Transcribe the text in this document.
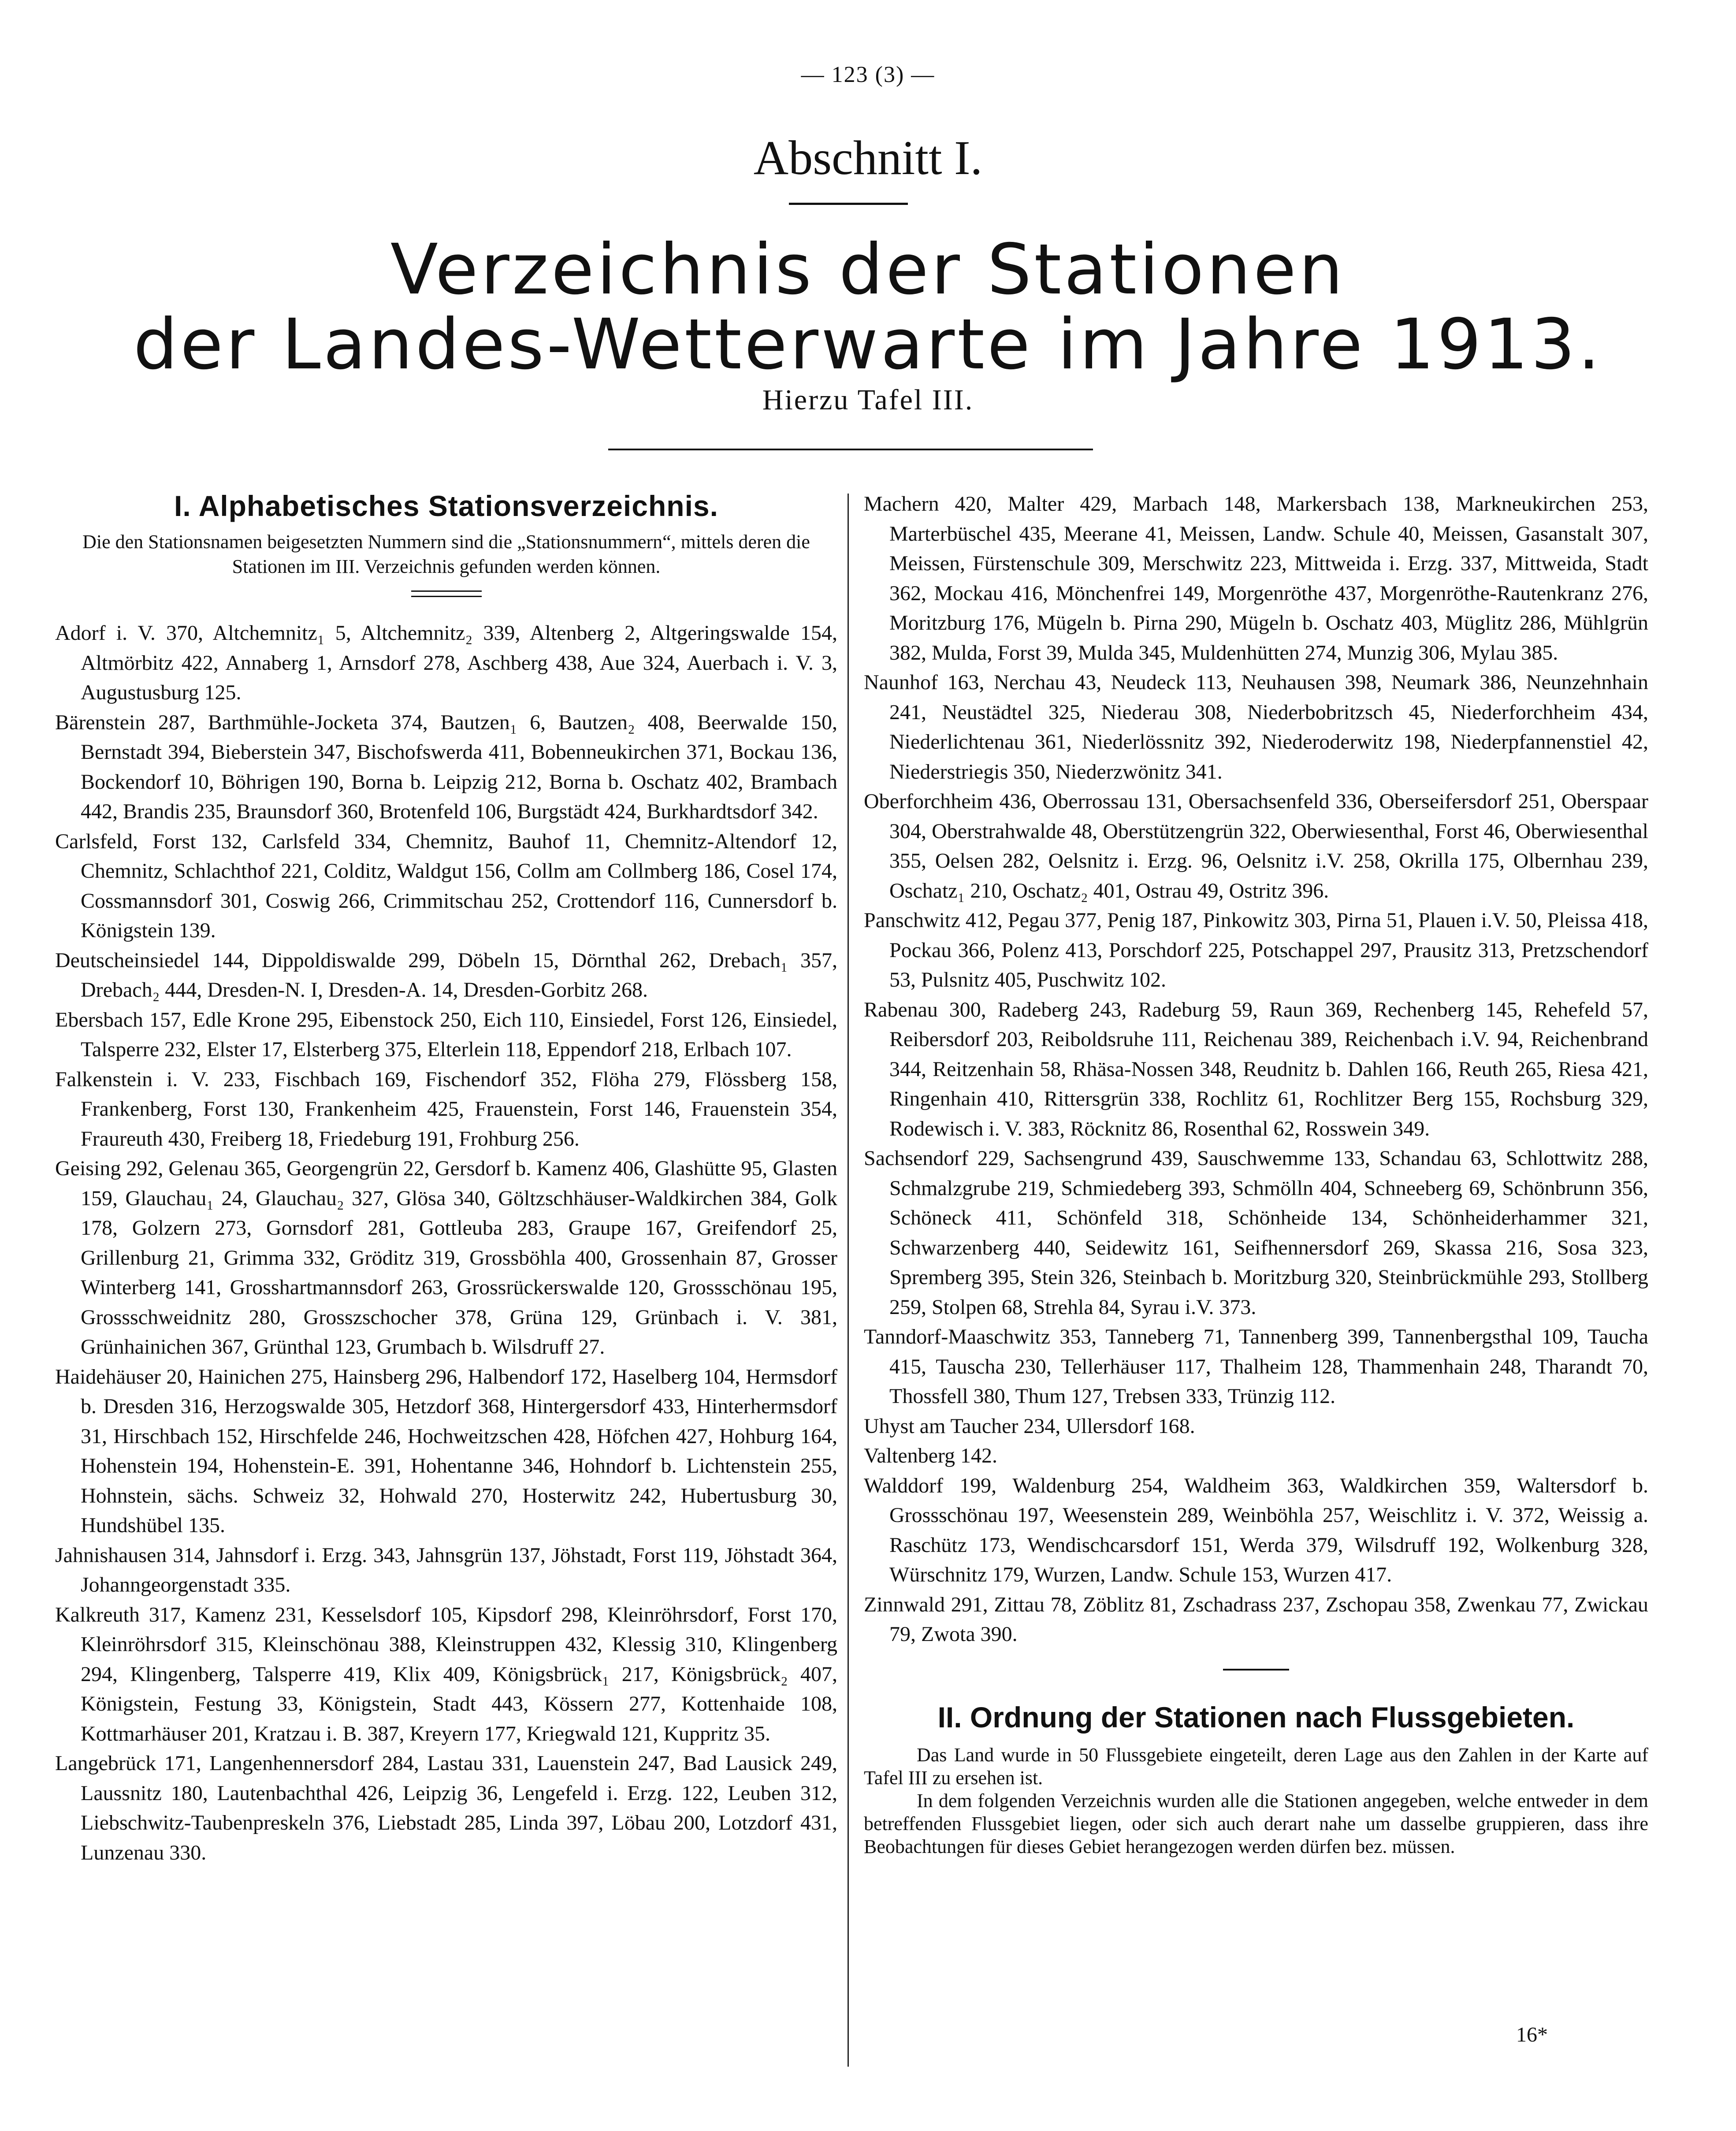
— 123 (3) —
Abschnitt I.
Verzeichnis der Stationen
der Landes-Wetterwarte im Jahre 1913.
Hierzu Tafel III.
I. Alphabetisches Stationsverzeichnis.
Die den Stationsnamen beigesetzten Nummern sind die „Stationsnummern“, mittels deren die Stationen im III. Verzeichnis gefunden werden können.

Adorf i. V. 370, Altchemnitz₁ 5, Altchemnitz₂ 339, Altenberg 2, Altgeringswalde 154, Altmörbitz 422, Annaberg 1, Arnsdorf 278, Aschberg 438, Aue 324, Auerbach i. V. 3, Augustusburg 125.

Bärenstein 287, Barthmühle-Jocketa 374, Bautzen₁ 6, Bautzen₂ 408, Beerwalde 150, Bernstadt 394, Bieberstein 347, Bischofswerda 411, Bobenneukirchen 371, Bockau 136, Bockendorf 10, Böhrigen 190, Borna b. Leipzig 212, Borna b. Oschatz 402, Brambach 442, Brandis 235, Braunsdorf 360, Brotenfeld 106, Burgstädt 424, Burkhardtsdorf 342.

Carlsfeld, Forst 132, Carlsfeld 334, Chemnitz, Bauhof 11, Chemnitz-Altendorf 12, Chemnitz, Schlachthof 221, Colditz, Waldgut 156, Collm am Collmberg 186, Cosel 174, Cossmannsdorf 301, Coswig 266, Crimmitschau 252, Crottendorf 116, Cunnersdorf b. Königstein 139.

Deutscheinsiedel 144, Dippoldiswalde 299, Döbeln 15, Dörnthal 262, Drebach₁ 357, Drebach₂ 444, Dresden-N. I, Dresden-A. 14, Dresden-Gorbitz 268.

Ebersbach 157, Edle Krone 295, Eibenstock 250, Eich 110, Einsiedel, Forst 126, Einsiedel, Talsperre 232, Elster 17, Elsterberg 375, Elterlein 118, Eppendorf 218, Erlbach 107.

Falkenstein i. V. 233, Fischbach 169, Fischendorf 352, Flöha 279, Flössberg 158, Frankenberg, Forst 130, Frankenheim 425, Frauenstein, Forst 146, Frauenstein 354, Fraureuth 430, Freiberg 18, Friedeburg 191, Frohburg 256.

Geising 292, Gelenau 365, Georgengrün 22, Gersdorf b. Kamenz 406, Glashütte 95, Glasten 159, Glauchau₁ 24, Glauchau₂ 327, Glösa 340, Göltzschhäuser-Waldkirchen 384, Golk 178, Golzern 273, Gornsdorf 281, Gottleuba 283, Graupe 167, Greifendorf 25, Grillenburg 21, Grimma 332, Gröditz 319, Grossböhla 400, Grossenhain 87, Grosser Winterberg 141, Grosshartmannsdorf 263, Grossrückerswalde 120, Grossschönau 195, Grossschweidnitz 280, Grosszschocher 378, Grüna 129, Grünbach i. V. 381, Grünhainichen 367, Grünthal 123, Grumbach b. Wilsdruff 27.

Haidehäuser 20, Hainichen 275, Hainsberg 296, Halbendorf 172, Haselberg 104, Hermsdorf b. Dresden 316, Herzogswalde 305, Hetzdorf 368, Hintergersdorf 433, Hinterhermsdorf 31, Hirschbach 152, Hirschfelde 246, Hochweitzschen 428, Höfchen 427, Hohburg 164, Hohenstein 194, Hohenstein-E. 391, Hohentanne 346, Hohndorf b. Lichtenstein 255, Hohnstein, sächs. Schweiz 32, Hohwald 270, Hosterwitz 242, Hubertusburg 30, Hundshübel 135.

Jahnishausen 314, Jahnsdorf i. Erzg. 343, Jahnsgrün 137, Jöhstadt, Forst 119, Jöhstadt 364, Johanngeorgenstadt 335.

Kalkreuth 317, Kamenz 231, Kesselsdorf 105, Kipsdorf 298, Kleinröhrsdorf, Forst 170, Kleinröhrsdorf 315, Kleinschönau 388, Kleinstruppen 432, Klessig 310, Klingenberg 294, Klingenberg, Talsperre 419, Klix 409, Königsbrück₁ 217, Königsbrück₂ 407, Königstein, Festung 33, Königstein, Stadt 443, Kössern 277, Kottenhaide 108, Kottmarhäuser 201, Kratzau i. B. 387, Kreyern 177, Kriegwald 121, Kuppritz 35.

Langebrück 171, Langenhennersdorf 284, Lastau 331, Lauenstein 247, Bad Lausick 249, Laussnitz 180, Lautenbachthal 426, Leipzig 36, Lengefeld i. Erzg. 122, Leuben 312, Liebschwitz-Taubenpreskeln 376, Liebstadt 285, Linda 397, Löbau 200, Lotzdorf 431, Lunzenau 330.

Machern 420, Malter 429, Marbach 148, Markersbach 138, Markneukirchen 253, Marterbüschel 435, Meerane 41, Meissen, Landw. Schule 40, Meissen, Gasanstalt 307, Meissen, Fürstenschule 309, Merschwitz 223, Mittweida i. Erzg. 337, Mittweida, Stadt 362, Mockau 416, Mönchenfrei 149, Morgenröthe 437, Morgenröthe-Rautenkranz 276, Moritzburg 176, Mügeln b. Pirna 290, Mügeln b. Oschatz 403, Müglitz 286, Mühlgrün 382, Mulda, Forst 39, Mulda 345, Muldenhütten 274, Munzig 306, Mylau 385.

Naunhof 163, Nerchau 43, Neudeck 113, Neuhausen 398, Neumark 386, Neunzehnhain 241, Neustädtel 325, Niederau 308, Niederbobritzsch 45, Niederforchheim 434, Niederlichtenau 361, Niederlössnitz 392, Niederoderwitz 198, Niederpfannenstiel 42, Niederstriegis 350, Niederzwönitz 341.

Oberforchheim 436, Oberrossau 131, Obersachsenfeld 336, Oberseifersdorf 251, Oberspaar 304, Oberstrahwalde 48, Oberstützengrün 322, Oberwiesenthal, Forst 46, Oberwiesenthal 355, Oelsen 282, Oelsnitz i. Erzg. 96, Oelsnitz i.V. 258, Okrilla 175, Olbernhau 239, Oschatz₁ 210, Oschatz₂ 401, Ostrau 49, Ostritz 396.

Panschwitz 412, Pegau 377, Penig 187, Pinkowitz 303, Pirna 51, Plauen i.V. 50, Pleissa 418, Pockau 366, Polenz 413, Porschdorf 225, Potschappel 297, Prausitz 313, Pretzschendorf 53, Pulsnitz 405, Puschwitz 102.

Rabenau 300, Radeberg 243, Radeburg 59, Raun 369, Rechenberg 145, Rehefeld 57, Reibersdorf 203, Reiboldsruhe 111, Reichenau 389, Reichenbach i.V. 94, Reichenbrand 344, Reitzenhain 58, Rhäsa-Nossen 348, Reudnitz b. Dahlen 166, Reuth 265, Riesa 421, Ringenhain 410, Rittersgrün 338, Rochlitz 61, Rochlitzer Berg 155, Rochsburg 329, Rodewisch i. V. 383, Röcknitz 86, Rosenthal 62, Rosswein 349.

Sachsendorf 229, Sachsengrund 439, Sauschwemme 133, Schandau 63, Schlottwitz 288, Schmalzgrube 219, Schmiedeberg 393, Schmölln 404, Schneeberg 69, Schönbrunn 356, Schöneck 411, Schönfeld 318, Schönheide 134, Schönheiderhammer 321, Schwarzenberg 440, Seidewitz 161, Seifhennersdorf 269, Skassa 216, Sosa 323, Spremberg 395, Stein 326, Steinbach b. Moritzburg 320, Steinbrückmühle 293, Stollberg 259, Stolpen 68, Strehla 84, Syrau i.V. 373.

Tanndorf-Maaschwitz 353, Tanneberg 71, Tannenberg 399, Tannenbergsthal 109, Taucha 415, Tauscha 230, Tellerhäuser 117, Thalheim 128, Thammenhain 248, Tharandt 70, Thossfell 380, Thum 127, Trebsen 333, Trünzig 112.

Uhyst am Taucher 234, Ullersdorf 168.

Valtenberg 142.

Walddorf 199, Waldenburg 254, Waldheim 363, Waldkirchen 359, Waltersdorf b. Grossschönau 197, Weesenstein 289, Weinböhla 257, Weischlitz i. V. 372, Weissig a. Raschütz 173, Wendischcarsdorf 151, Werda 379, Wilsdruff 192, Wolkenburg 328, Würschnitz 179, Wurzen, Landw. Schule 153, Wurzen 417.

Zinnwald 291, Zittau 78, Zöblitz 81, Zschadrass 237, Zschopau 358, Zwenkau 77, Zwickau 79, Zwota 390.

II. Ordnung der Stationen nach Flussgebieten.

Das Land wurde in 50 Flussgebiete eingeteilt, deren Lage aus den Zahlen in der Karte auf Tafel III zu ersehen ist.

In dem folgenden Verzeichnis wurden alle die Stationen angegeben, welche entweder in dem betreffenden Flussgebiet liegen, oder sich auch derart nahe um dasselbe gruppieren, dass ihre Beobachtungen für dieses Gebiet herangezogen werden dürfen bez. müssen.

16*
